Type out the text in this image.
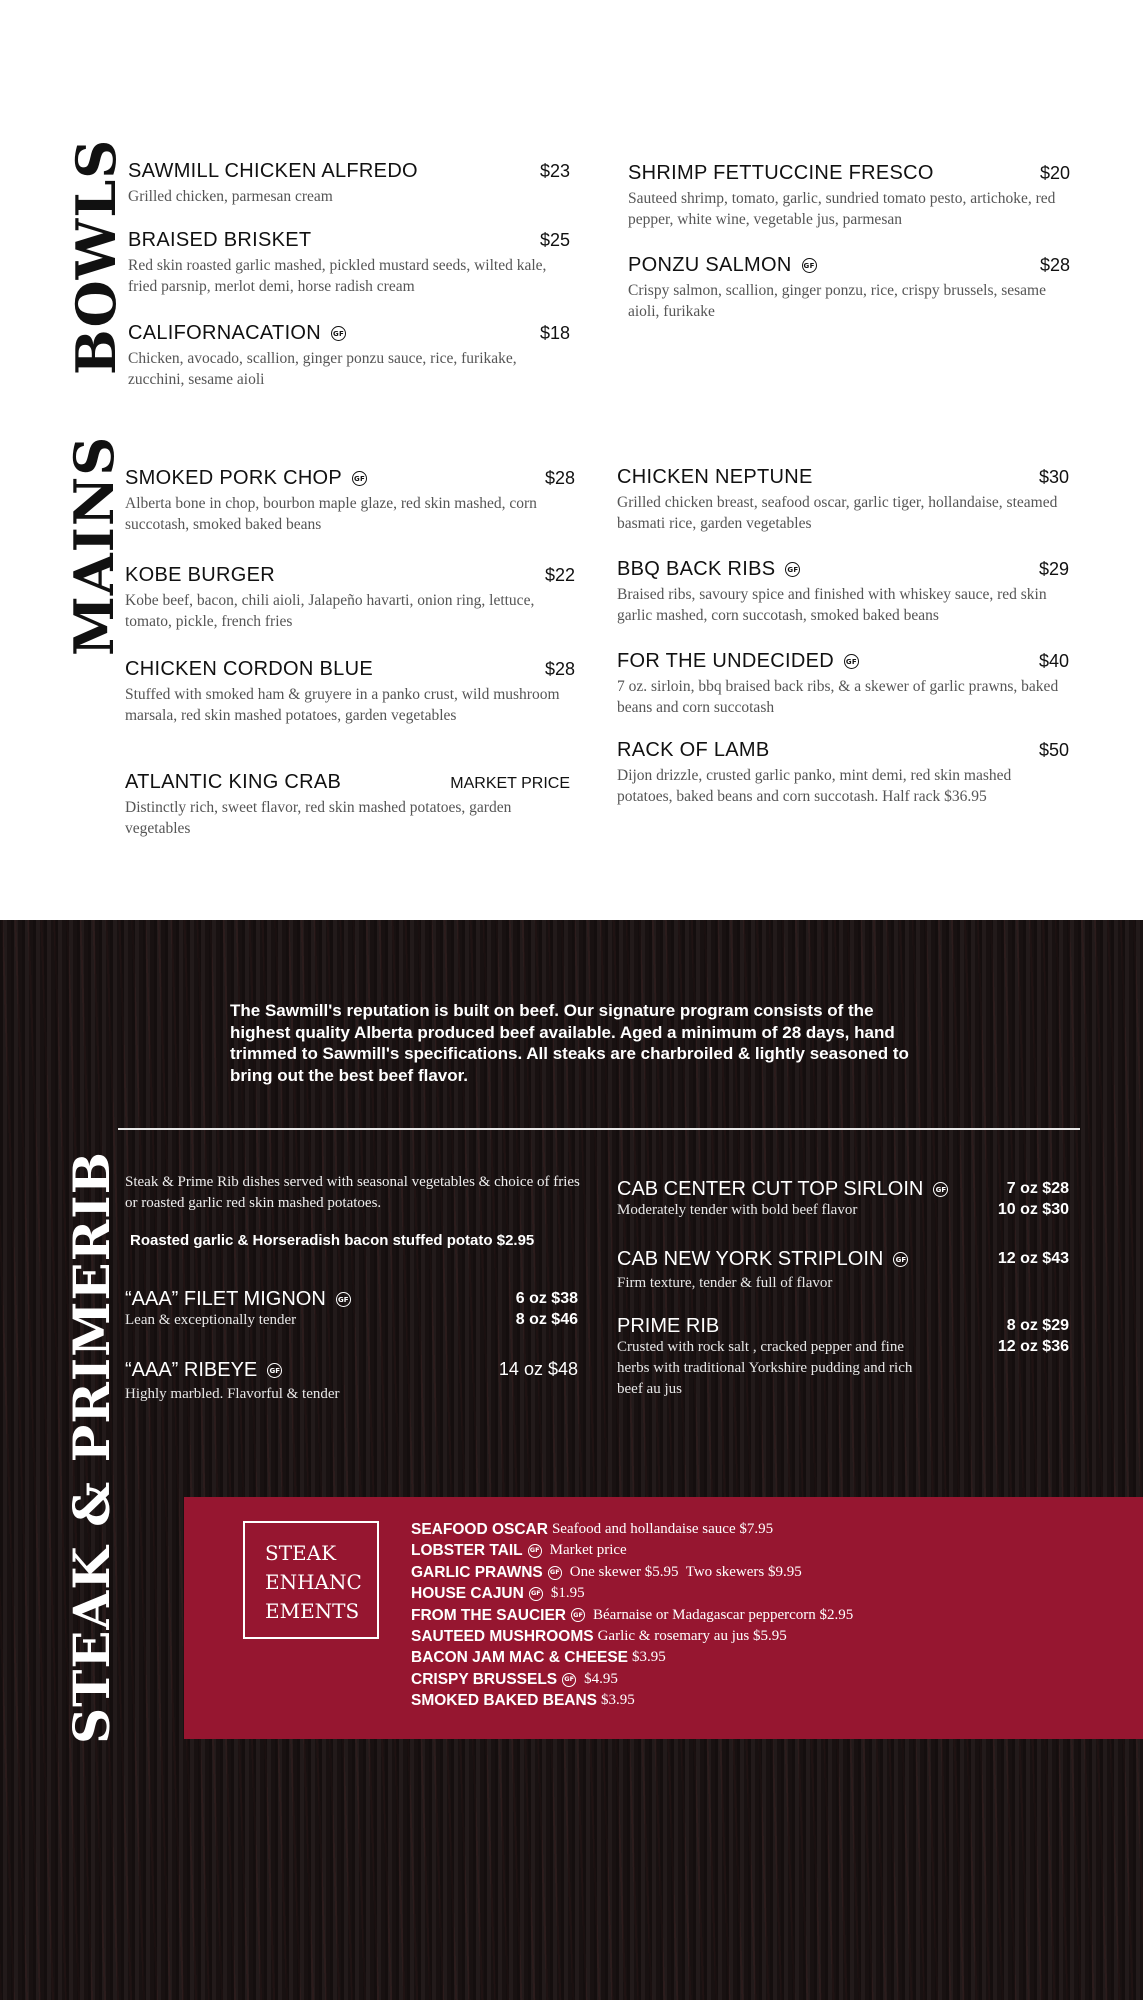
BOWLS SAWMILL CHICKEN ALFREDO	$23
Grilled chicken, parmesan cream
BRAISED BRISKET	$25
Red skin roasted garlic mashed, pickled mustard seeds, wilted kale, fried parsnip, merlot demi, horse radish cream
CALIFORNACATION GF	$18
Chicken, avocado, scallion, ginger ponzu sauce, rice, furikake, zucchini, sesame aioli
SHRIMP FETTUCCINE FRESCO	$20
Sauteed shrimp, tomato, garlic, sundried tomato pesto, artichoke, red pepper, white wine, vegetable jus, parmesan
PONZU SALMON GF	$28
Crispy salmon, scallion, ginger ponzu, rice, crispy brussels, sesame aioli, furikake
MAINS SMOKED PORK CHOP GF	$28
Alberta bone in chop, bourbon maple glaze, red skin mashed, corn succotash, smoked baked beans
KOBE BURGER	$22
Kobe beef, bacon, chili aioli, Jalapeño havarti, onion ring, lettuce, tomato, pickle, french fries
CHICKEN CORDON BLUE	$28
Stuffed with smoked ham & gruyere in a panko crust, wild mushroom marsala, red skin mashed potatoes, garden vegetables
ATLANTIC KING CRAB	MARKET PRICE
Distinctly rich, sweet flavor, red skin mashed potatoes, garden vegetables
CHICKEN NEPTUNE	$30
Grilled chicken breast, seafood oscar, garlic tiger, hollandaise, steamed basmati rice, garden vegetables
BBQ BACK RIBS GF	$29
Braised ribs, savoury spice and finished with whiskey sauce, red skin garlic mashed, corn succotash, smoked baked beans
FOR THE UNDECIDED GF	$40
7 oz. sirloin, bbq braised back ribs, & a skewer of garlic prawns, baked beans and corn succotash
RACK OF LAMB	$50
Dijon drizzle, crusted garlic panko, mint demi, red skin mashed potatoes, baked beans and corn succotash. Half rack $36.95
The Sawmill's reputation is built on beef. Our signature program consists of the highest quality Alberta produced beef available. Aged a minimum of 28 days, hand trimmed to Sawmill's specifications. All steaks are charbroiled & lightly seasoned to bring out the best beef flavor.
STEAK & PRIMERIB Steak & Prime Rib dishes served with seasonal vegetables & choice of fries or roasted garlic red skin mashed potatoes.
Roasted garlic & Horseradish bacon stuffed potato $2.95
“AAA” FILET MIGNON	GF	6 oz $38
8 oz $46
Lean & exceptionally tender
“AAA” RIBEYE	GF	14 oz $48
Highly marbled. Flavorful & tender
CAB CENTER CUT TOP SIRLOIN	GF	7 oz $28
10 oz $30
Moderately tender with bold beef flavor
CAB NEW YORK STRIPLOIN	GF	12 oz $43
Firm texture, tender & full of flavor
PRIME RIB	8 oz $29
12 oz $36
Crusted with rock salt , cracked pepper and fine herbs with traditional Yorkshire pudding and rich beef au jus
STEAK
ENHANC
EMENTS
SEAFOOD OSCAR Seafood and hollandaise sauce $7.95
LOBSTER TAIL	GF Market price
GARLIC PRAWNS	GF One skewer $5.95  Two skewers $9.95
HOUSE CAJUN	GF $1.95
FROM THE SAUCIER	GF Béarnaise or Madagascar peppercorn $2.95
SAUTEED MUSHROOMS Garlic & rosemary au jus $5.95
BACON JAM MAC & CHEESE $3.95
CRISPY BRUSSELS	GF $4.95
SMOKED BAKED BEANS $3.95
